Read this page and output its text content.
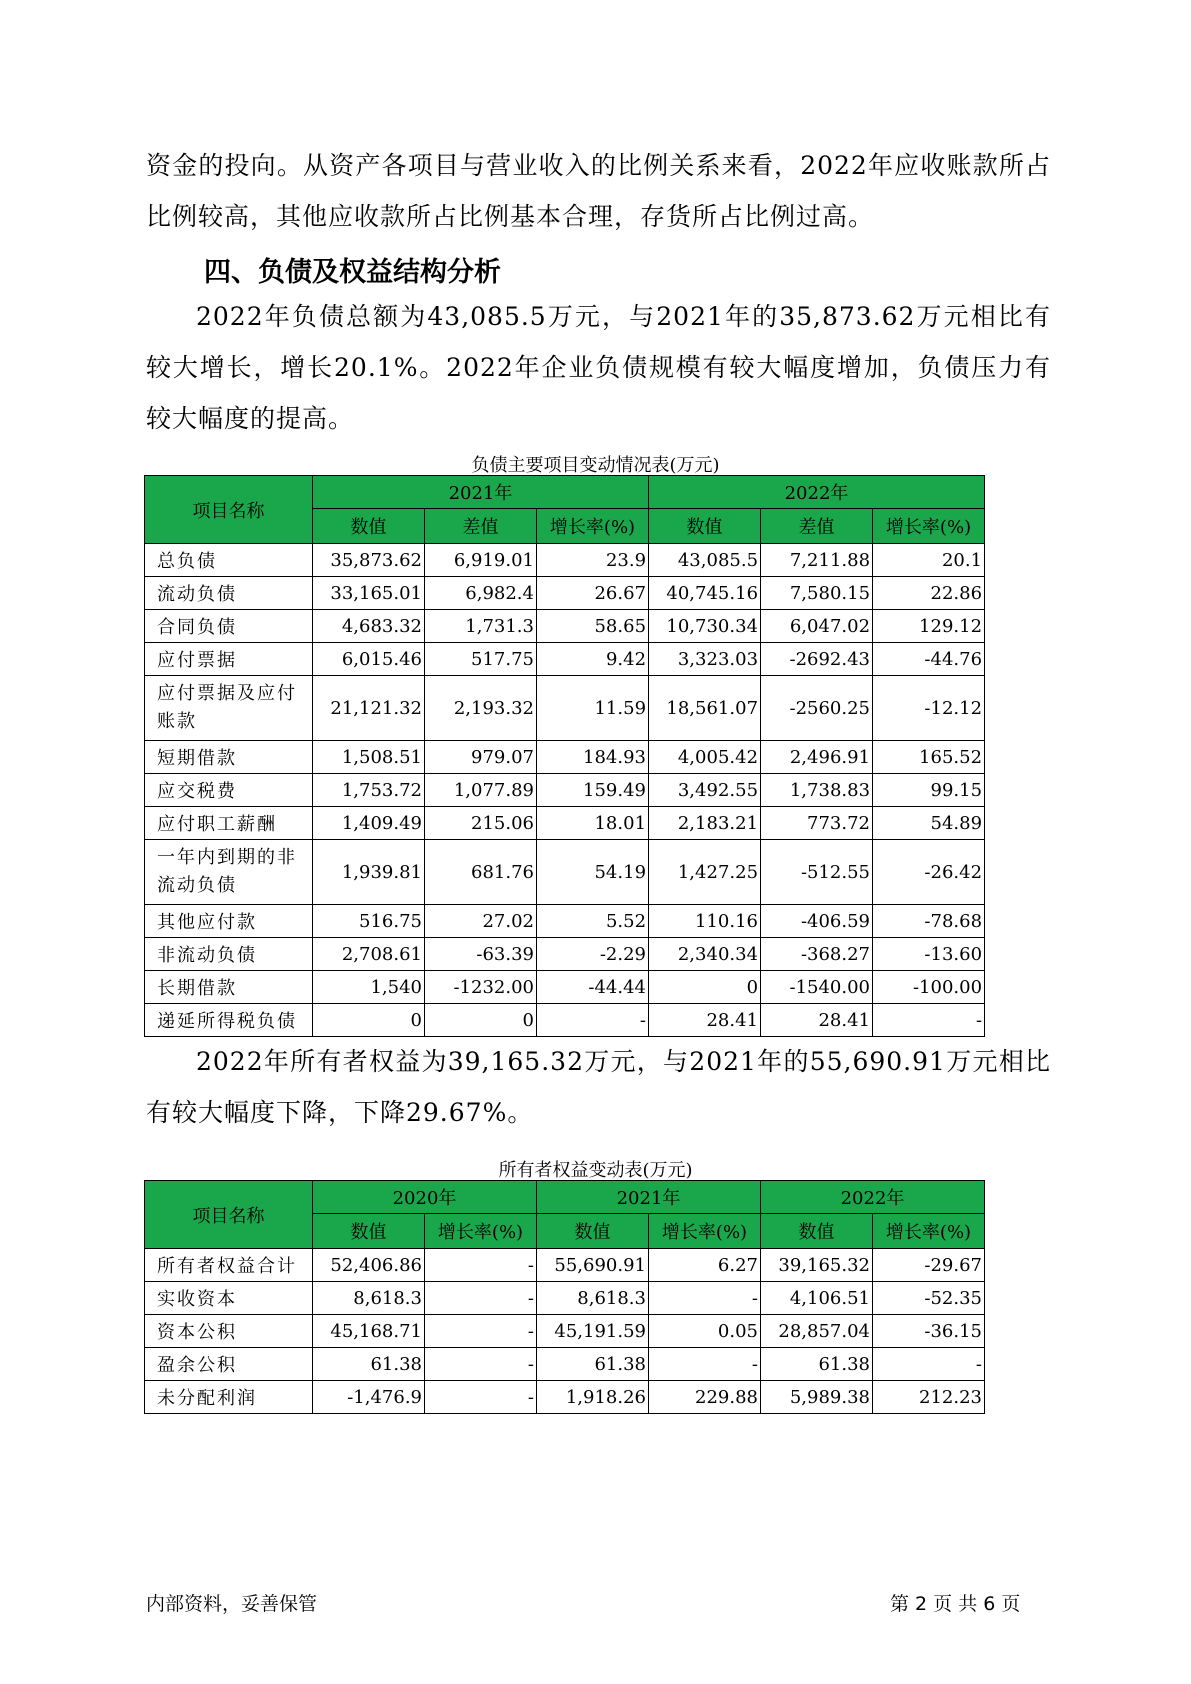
资金的投向。从资产各项目与营业收入的比例关系来看，2022年应收账款所占比例较高，其他应收款所占比例基本合理，存货所占比例过高。

四、负债及权益结构分析

2022年负债总额为43,085.5万元，与2021年的35,873.62万元相比有较大增长，增长20.1%。2022年企业负债规模有较大幅度增加，负债压力有较大幅度的提高。

负债主要项目变动情况表(万元)
项目名称	2021年			2022年		
	数值	差值	增长率(%)	数值	差值	增长率(%)
总负债	35,873.62	6,919.01	23.9	43,085.5	7,211.88	20.1
流动负债	33,165.01	6,982.4	26.67	40,745.16	7,580.15	22.86
合同负债	4,683.32	1,731.3	58.65	10,730.34	6,047.02	129.12
应付票据	6,015.46	517.75	9.42	3,323.03	-2692.43	-44.76
应付票据及应付账款	21,121.32	2,193.32	11.59	18,561.07	-2560.25	-12.12
短期借款	1,508.51	979.07	184.93	4,005.42	2,496.91	165.52
应交税费	1,753.72	1,077.89	159.49	3,492.55	1,738.83	99.15
应付职工薪酬	1,409.49	215.06	18.01	2,183.21	773.72	54.89
一年内到期的非流动负债	1,939.81	681.76	54.19	1,427.25	-512.55	-26.42
其他应付款	516.75	27.02	5.52	110.16	-406.59	-78.68
非流动负债	2,708.61	-63.39	-2.29	2,340.34	-368.27	-13.60
长期借款	1,540	-1232.00	-44.44	0	-1540.00	-100.00
递延所得税负债	0	0	-	28.41	28.41	-

2022年所有者权益为39,165.32万元，与2021年的55,690.91万元相比有较大幅度下降，下降29.67%。

所有者权益变动表(万元)
项目名称	2020年		2021年		2022年	
	数值	增长率(%)	数值	增长率(%)	数值	增长率(%)
所有者权益合计	52,406.86	-	55,690.91	6.27	39,165.32	-29.67
实收资本	8,618.3	-	8,618.3	-	4,106.51	-52.35
资本公积	45,168.71	-	45,191.59	0.05	28,857.04	-36.15
盈余公积	61.38	-	61.38	-	61.38	-
未分配利润	-1,476.9	-	1,918.26	229.88	5,989.38	212.23
内部资料，妥善保管	第 2 页 共 6 页
